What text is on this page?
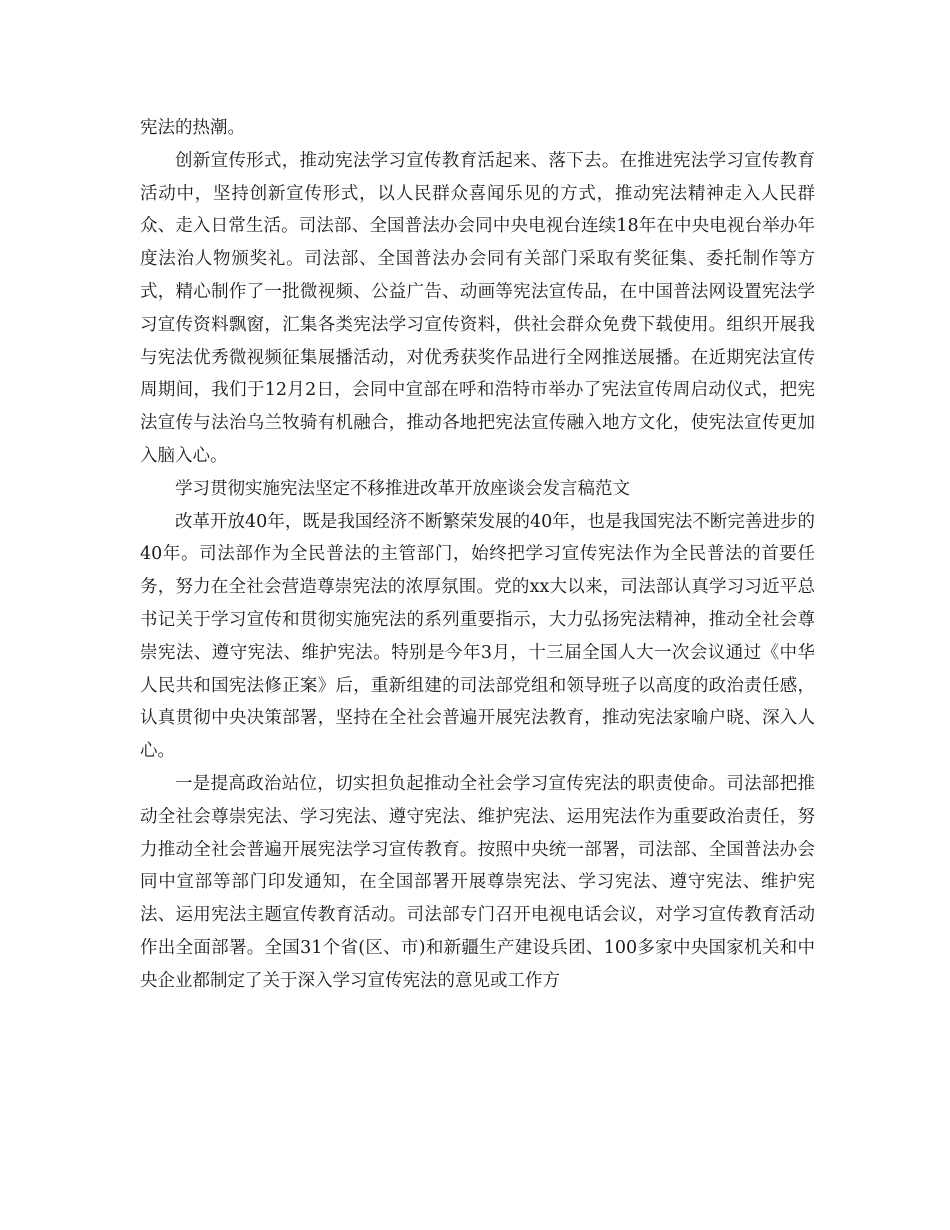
宪法的热潮。

创新宣传形式，推动宪法学习宣传教育活起来、落下去。在推进宪法学习宣传教育活动中，坚持创新宣传形式，以人民群众喜闻乐见的方式，推动宪法精神走入人民群众、走入日常生活。司法部、全国普法办会同中央电视台连续18年在中央电视台举办年度法治人物颁奖礼。司法部、全国普法办会同有关部门采取有奖征集、委托制作等方式，精心制作了一批微视频、公益广告、动画等宪法宣传品，在中国普法网设置宪法学习宣传资料飘窗，汇集各类宪法学习宣传资料，供社会群众免费下载使用。组织开展我与宪法优秀微视频征集展播活动，对优秀获奖作品进行全网推送展播。在近期宪法宣传周期间，我们于12月2日，会同中宣部在呼和浩特市举办了宪法宣传周启动仪式，把宪法宣传与法治乌兰牧骑有机融合，推动各地把宪法宣传融入地方文化，使宪法宣传更加入脑入心。

学习贯彻实施宪法坚定不移推进改革开放座谈会发言稿范文

改革开放40年，既是我国经济不断繁荣发展的40年，也是我国宪法不断完善进步的40年。司法部作为全民普法的主管部门，始终把学习宣传宪法作为全民普法的首要任务，努力在全社会营造尊崇宪法的浓厚氛围。党的xx大以来，司法部认真学习习近平总书记关于学习宣传和贯彻实施宪法的系列重要指示，大力弘扬宪法精神，推动全社会尊崇宪法、遵守宪法、维护宪法。特别是今年3月，十三届全国人大一次会议通过《中华人民共和国宪法修正案》后，重新组建的司法部党组和领导班子以高度的政治责任感，认真贯彻中央决策部署，坚持在全社会普遍开展宪法教育，推动宪法家喻户晓、深入人心。

一是提高政治站位，切实担负起推动全社会学习宣传宪法的职责使命。司法部把推动全社会尊崇宪法、学习宪法、遵守宪法、维护宪法、运用宪法作为重要政治责任，努力推动全社会普遍开展宪法学习宣传教育。按照中央统一部署，司法部、全国普法办会同中宣部等部门印发通知，在全国部署开展尊崇宪法、学习宪法、遵守宪法、维护宪法、运用宪法主题宣传教育活动。司法部专门召开电视电话会议，对学习宣传教育活动作出全面部署。全国31个省(区、市)和新疆生产建设兵团、100多家中央国家机关和中央企业都制定了关于深入学习宣传宪法的意见或工作方
